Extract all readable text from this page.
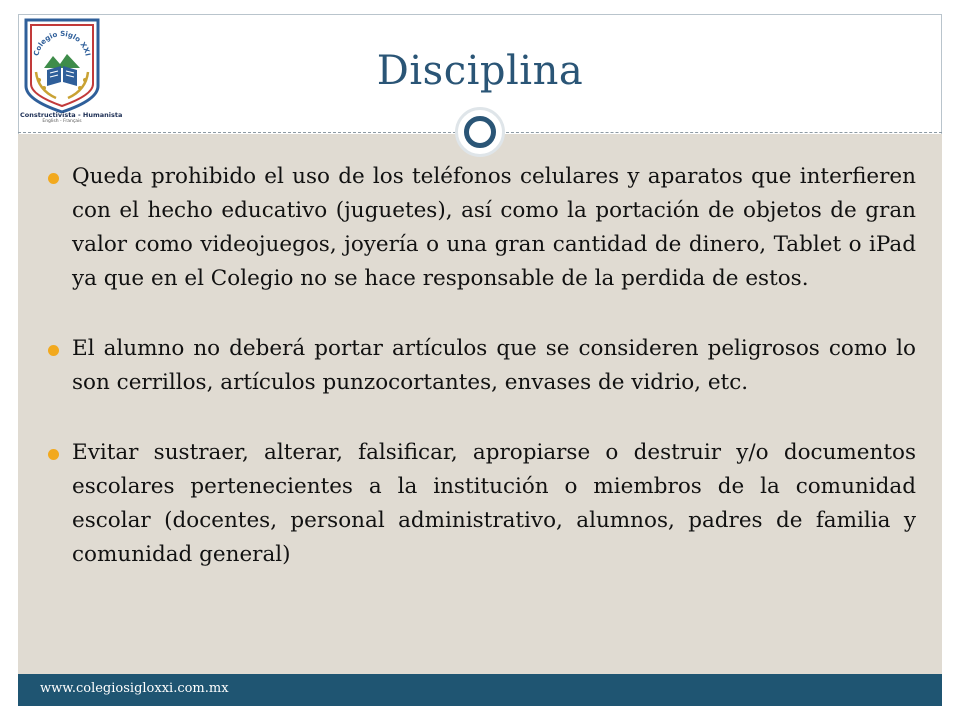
Colegio Siglo XXI
Constructivista - Humanista
English - Français
Disciplina
Queda prohibido el uso de los teléfonos celulares y aparatos que interfieren con el hecho educativo (juguetes), así como la portación de objetos de gran valor como videojuegos, joyería o una gran cantidad de dinero, Tablet o iPad ya que en el Colegio no se hace responsable de la perdida de estos.
El alumno no deberá portar artículos que se consideren peligrosos como lo son cerrillos, artículos punzocortantes, envases de vidrio, etc.
Evitar sustraer, alterar, falsificar, apropiarse o destruir y/o documentos escolares pertenecientes a la institución o miembros de la comunidad escolar (docentes, personal administrativo, alumnos, padres de familia y comunidad general)
www.colegiosigloxxi.com.mx
